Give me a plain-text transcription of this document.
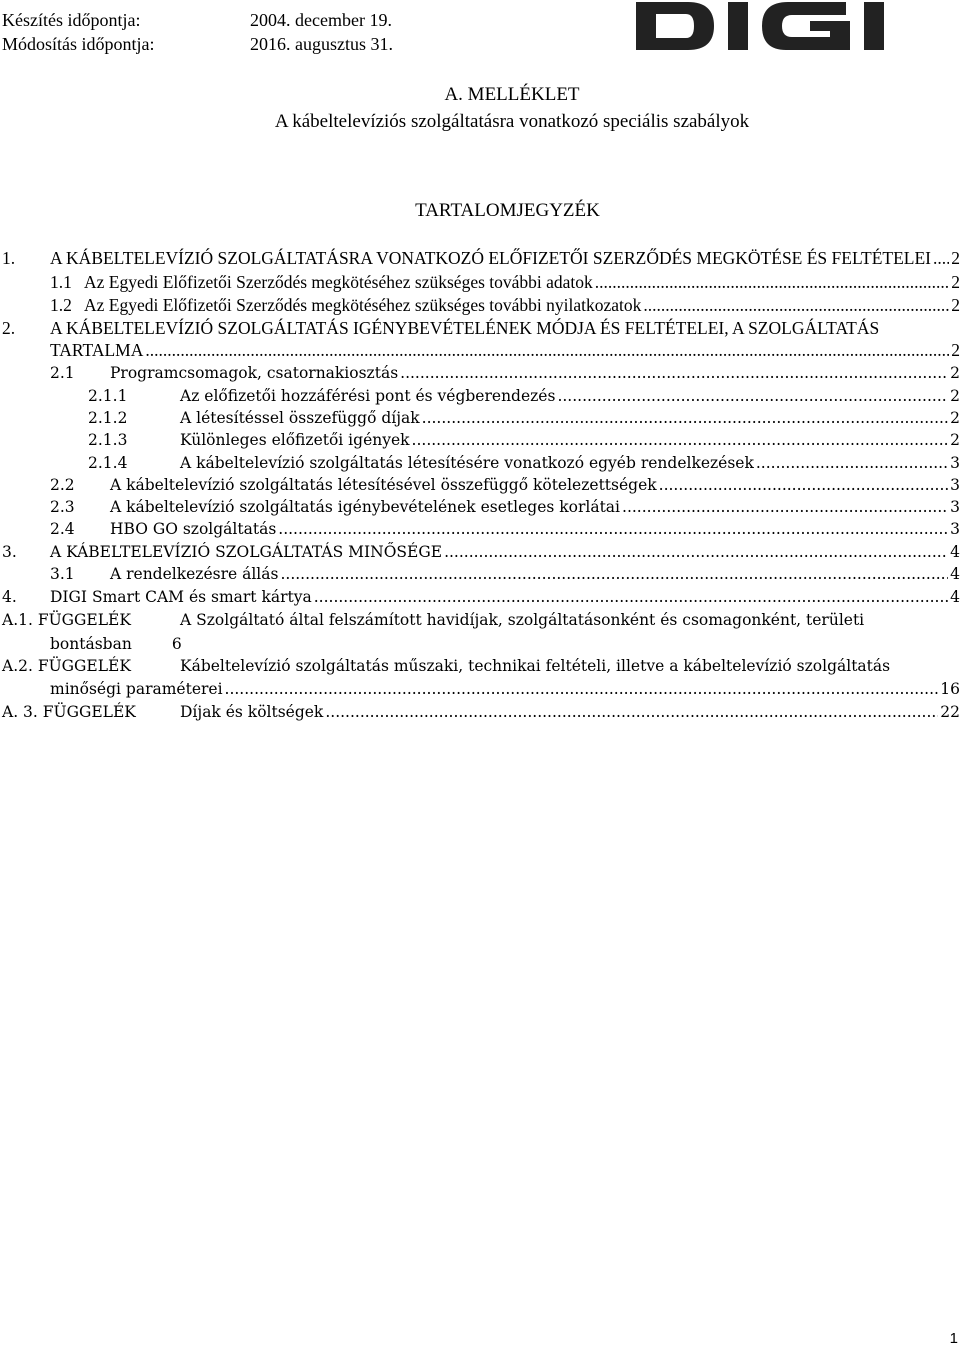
Készítés időpontja:	2004. december 19.
Módosítás időpontja:	2016. augusztus 31.
A. MELLÉKLET
A kábeltelevíziós szolgáltatásra vonatkozó speciális szabályok
TARTALOMJEGYZÉK
1. A KÁBELTELEVÍZIÓ SZOLGÁLTATÁSRA VONATKOZÓ ELŐFIZETŐI SZERZŐDÉS MEGKÖTÉSE ÉS FELTÉTELEI ..... 2
1.1 Az Egyedi Előfizetői Szerződés megkötéséhez szükséges további adatok .....	2
1.2 Az Egyedi Előfizetői Szerződés megkötéséhez szükséges további nyilatkozatok .....	2
2. A KÁBELTELEVÍZIÓ SZOLGÁLTATÁS IGÉNYBEVÉTELÉNEK MÓDJA ÉS FELTÉTELEI, A SZOLGÁLTATÁS
TARTALMA .....	2
2.1 Programcsomagok, csatornakiosztás .....	2
2.1.1	Az előfizetői hozzáférési pont és végberendezés .....	2
2.1.2	A létesítéssel összefüggő díjak .....	2
2.1.3	Különleges előfizetői igények .....	2
2.1.4	A kábeltelevízió szolgáltatás létesítésére vonatkozó egyéb rendelkezések .....	3
2.2 A kábeltelevízió szolgáltatás létesítésével összefüggő kötelezettségek .....	3
2.3 A kábeltelevízió szolgáltatás igénybevételének esetleges korlátai .....	3
2.4 HBO GO szolgáltatás .....	3
3. A KÁBELTELEVÍZIÓ SZOLGÁLTATÁS MINŐSÉGE .....	4
3.1 A rendelkezésre állás .....	4
4. DIGI Smart CAM és smart kártya .....	4
A.1. FÜGGELÉK	A Szolgáltató által felszámított havidíjak, szolgáltatásonként és csomagonként, területi
bontásban	6
A.2. FÜGGELÉK	Kábeltelevízió szolgáltatás műszaki, technikai feltételi, illetve a kábeltelevízió szolgáltatás
minőségi paraméterei .....	16
A. 3. FÜGGELÉK	Díjak és költségek .....	22
1
